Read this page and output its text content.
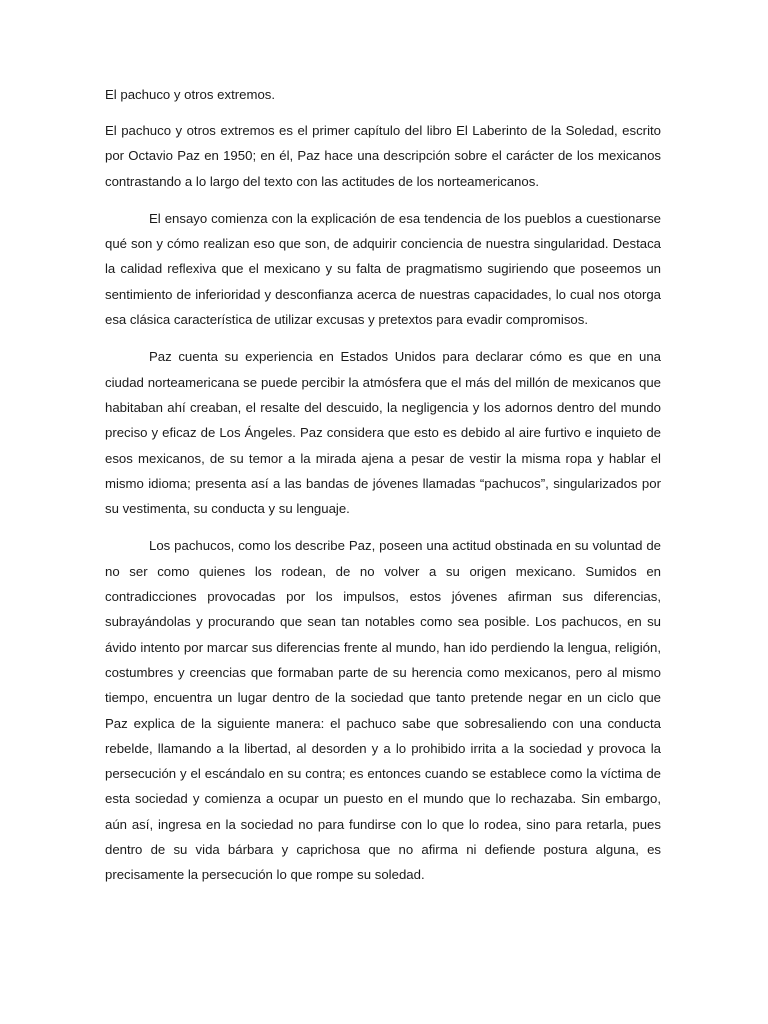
El pachuco y otros extremos.

El pachuco y otros extremos es el primer capítulo del libro El Laberinto de la Soledad, escrito por Octavio Paz en 1950; en él, Paz hace una descripción sobre el carácter de los mexicanos contrastando a lo largo del texto con las actitudes de los norteamericanos.

El ensayo comienza con la explicación de esa tendencia de los pueblos a cuestionarse qué son y cómo realizan eso que son, de adquirir conciencia de nuestra singularidad. Destaca la calidad reflexiva que el mexicano y su falta de pragmatismo sugiriendo que poseemos un sentimiento de inferioridad y desconfianza acerca de nuestras capacidades, lo cual nos otorga esa clásica característica de utilizar excusas y pretextos para evadir compromisos.

Paz cuenta su experiencia en Estados Unidos para declarar cómo es que en una ciudad norteamericana se puede percibir la atmósfera que el más del millón de mexicanos que habitaban ahí creaban, el resalte del descuido, la negligencia y los adornos dentro del mundo preciso y eficaz de Los Ángeles. Paz considera que esto es debido al aire furtivo e inquieto de esos mexicanos, de su temor a la mirada ajena a pesar de vestir la misma ropa y hablar el mismo idioma; presenta así a las bandas de jóvenes llamadas “pachucos”, singularizados por su vestimenta, su conducta y su lenguaje.

Los pachucos, como los describe Paz, poseen una actitud obstinada en su voluntad de no ser como quienes los rodean, de no volver a su origen mexicano. Sumidos en contradicciones provocadas por los impulsos, estos jóvenes afirman sus diferencias, subrayándolas y procurando que sean tan notables como sea posible. Los pachucos, en su ávido intento por marcar sus diferencias frente al mundo, han ido perdiendo la lengua, religión, costumbres y creencias que formaban parte de su herencia como mexicanos, pero al mismo tiempo, encuentra un lugar dentro de la sociedad que tanto pretende negar en un ciclo que Paz explica de la siguiente manera: el pachuco sabe que sobresaliendo con una conducta rebelde, llamando a la libertad, al desorden y a lo prohibido irrita a la sociedad y provoca la persecución y el escándalo en su contra; es entonces cuando se establece como la víctima de esta sociedad y comienza a ocupar un puesto en el mundo que lo rechazaba. Sin embargo, aún así, ingresa en la sociedad no para fundirse con lo que lo rodea, sino para retarla, pues dentro de su vida bárbara y caprichosa que no afirma ni defiende postura alguna, es precisamente la persecución lo que rompe su soledad.
